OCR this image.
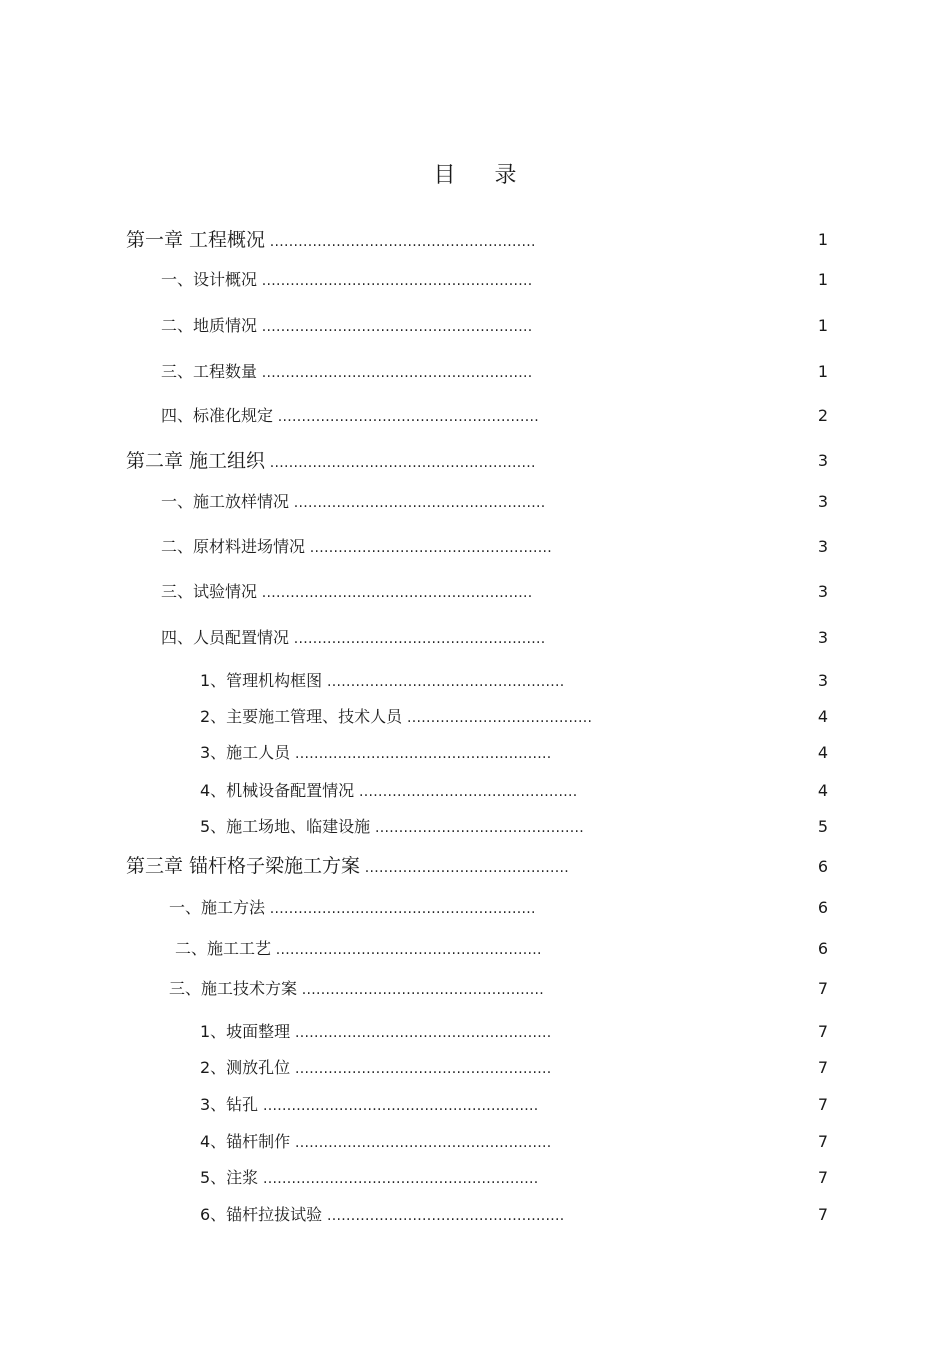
目 录
第一章 工程概况 ........................................................	1
一、设计概况 .........................................................	1
二、地质情况 .........................................................	1
三、工程数量 .........................................................	1
四、标准化规定 .......................................................	2
第二章 施工组织 ........................................................	3
一、施工放样情况 .....................................................	3
二、原材料进场情况 ...................................................	3
三、试验情况 .........................................................	3
四、人员配置情况 .....................................................	3
1、管理机构框图 ..................................................	3
2、主要施工管理、技术人员 .......................................	4
3、施工人员 ......................................................	4
4、机械设备配置情况 ..............................................	4
5、施工场地、临建设施 ............................................	5
第三章 锚杆格子梁施工方案 ...........................................	6
一、施工方法 ........................................................	6
二、施工工艺 ........................................................	6
三、施工技术方案 ...................................................	7
1、坡面整理 ......................................................	7
2、测放孔位 ......................................................	7
3、钻孔 ..........................................................	7
4、锚杆制作 ......................................................	7
5、注浆 ..........................................................	7
6、锚杆拉拔试验 ..................................................	7
